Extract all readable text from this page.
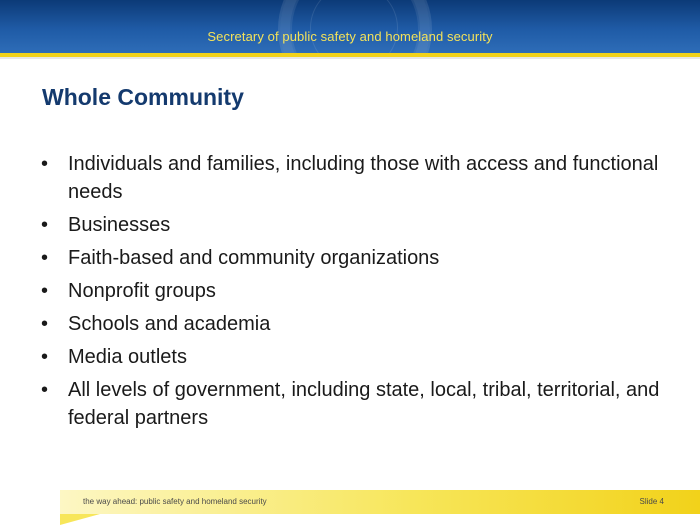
Secretary of public safety and homeland security
Whole Community
• Individuals and families, including those with access and functional needs
• Businesses
• Faith-based and community organizations
• Nonprofit groups
• Schools and academia
• Media outlets
• All levels of government, including state, local, tribal, territorial, and federal partners
the way ahead: public safety and homeland security	Slide 4
